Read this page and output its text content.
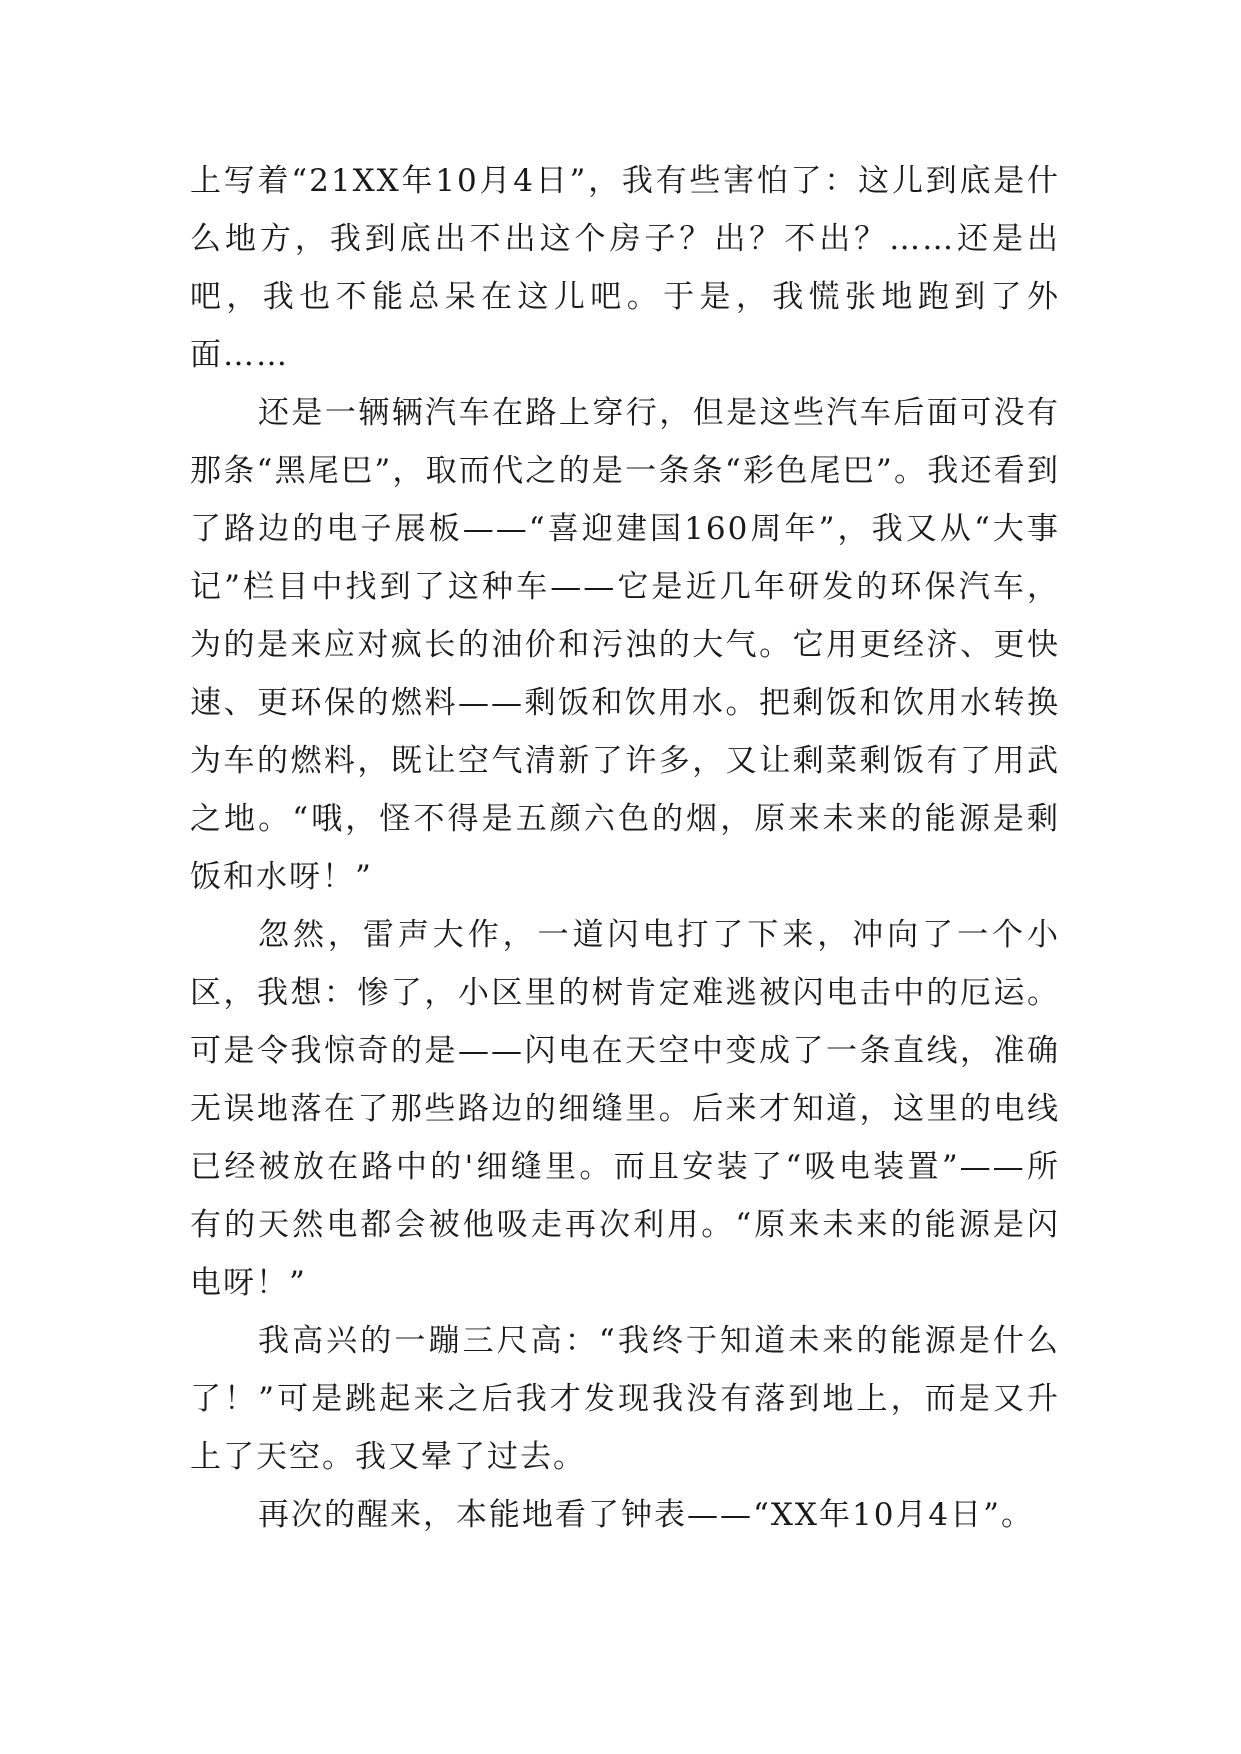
上写着“21XX年10月4日”，我有些害怕了：这儿到底是什么地方，我到底出不出这个房子？出？不出？……还是出吧，我也不能总呆在这儿吧。于是，我慌张地跑到了外面……

还是一辆辆汽车在路上穿行，但是这些汽车后面可没有那条“黑尾巴”，取而代之的是一条条“彩色尾巴”。我还看到了路边的电子展板——“喜迎建国160周年”，我又从“大事记”栏目中找到了这种车——它是近几年研发的环保汽车，为的是来应对疯长的油价和污浊的大气。它用更经济、更快速、更环保的燃料——剩饭和饮用水。把剩饭和饮用水转换为车的燃料，既让空气清新了许多，又让剩菜剩饭有了用武之地。“哦，怪不得是五颜六色的烟，原来未来的能源是剩饭和水呀！”

忽然，雷声大作，一道闪电打了下来，冲向了一个小区，我想：惨了，小区里的树肯定难逃被闪电击中的厄运。可是令我惊奇的是——闪电在天空中变成了一条直线，准确无误地落在了那些路边的细缝里。后来才知道，这里的电线已经被放在路中的'细缝里。而且安装了“吸电装置”——所有的天然电都会被他吸走再次利用。“原来未来的能源是闪电呀！”

我高兴的一蹦三尺高：“我终于知道未来的能源是什么了！”可是跳起来之后我才发现我没有落到地上，而是又升上了天空。我又晕了过去。

再次的醒来，本能地看了钟表——“XX年10月4日”。
